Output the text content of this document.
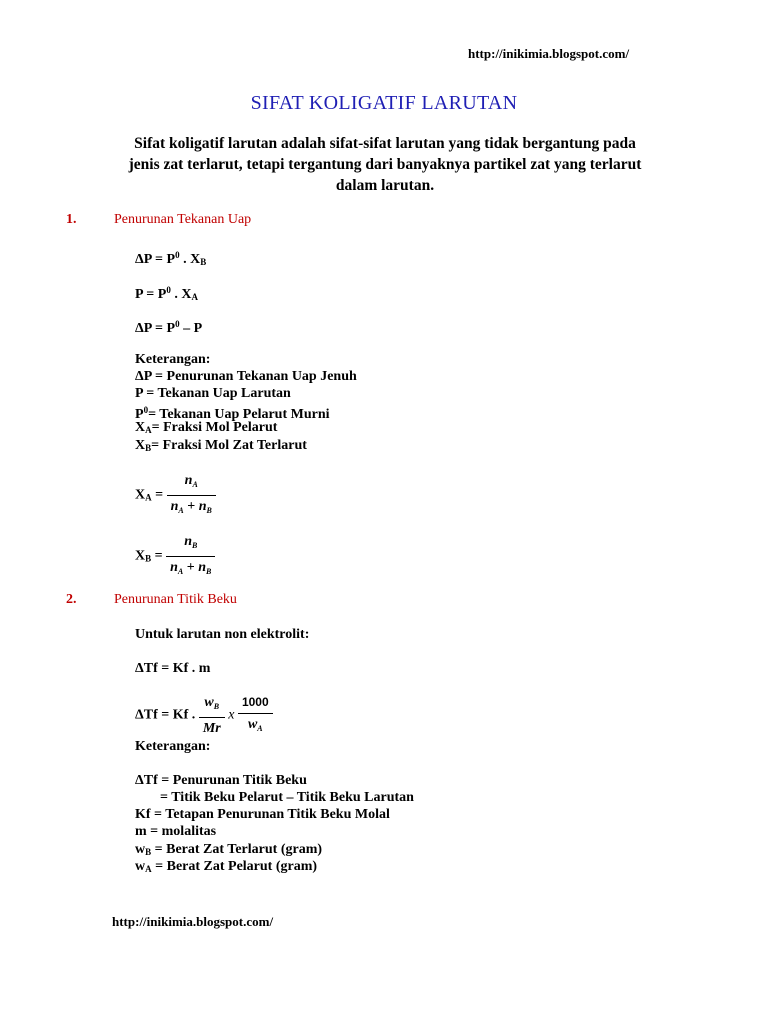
http://inikimia.blogspot.com/
SIFAT KOLIGATIF LARUTAN
Sifat koligatif larutan adalah sifat-sifat larutan yang tidak bergantung pada jenis zat terlarut, tetapi tergantung dari banyaknya partikel zat yang terlarut dalam larutan.
1.	Penurunan Tekanan Uap
$\Delta P = P^0$ . $X_B$
$P = P^0$ . $X_A$
$\Delta P = P^0 - P$
Keterangan:
ΔP = Penurunan Tekanan Uap Jenuh
P = Tekanan Uap Larutan
$P^0=$ Tekanan Uap Pelarut Murni
$X_A=$ Fraksi Mol Pelarut
$X_B=$ Fraksi Mol Zat Terlarut
$X_A = \frac{n_A}{n_A + n_B}$
$X_B = \frac{n_B}{n_A + n_B}$
2.	Penurunan Titik Beku
Untuk larutan non elektrolit:
ΔTf = Kf . m
ΔTf = Kf . $\frac{w_B}{Mr}$ x $\frac{1000}{w_A}$
Keterangan:
ΔTf = Penurunan Titik Beku
= Titik Beku Pelarut – Titik Beku Larutan
Kf = Tetapan Penurunan Titik Beku Molal
m = molalitas
$w_B$ = Berat Zat Terlarut (gram)
$w_A$ = Berat Zat Pelarut (gram)
http://inikimia.blogspot.com/
